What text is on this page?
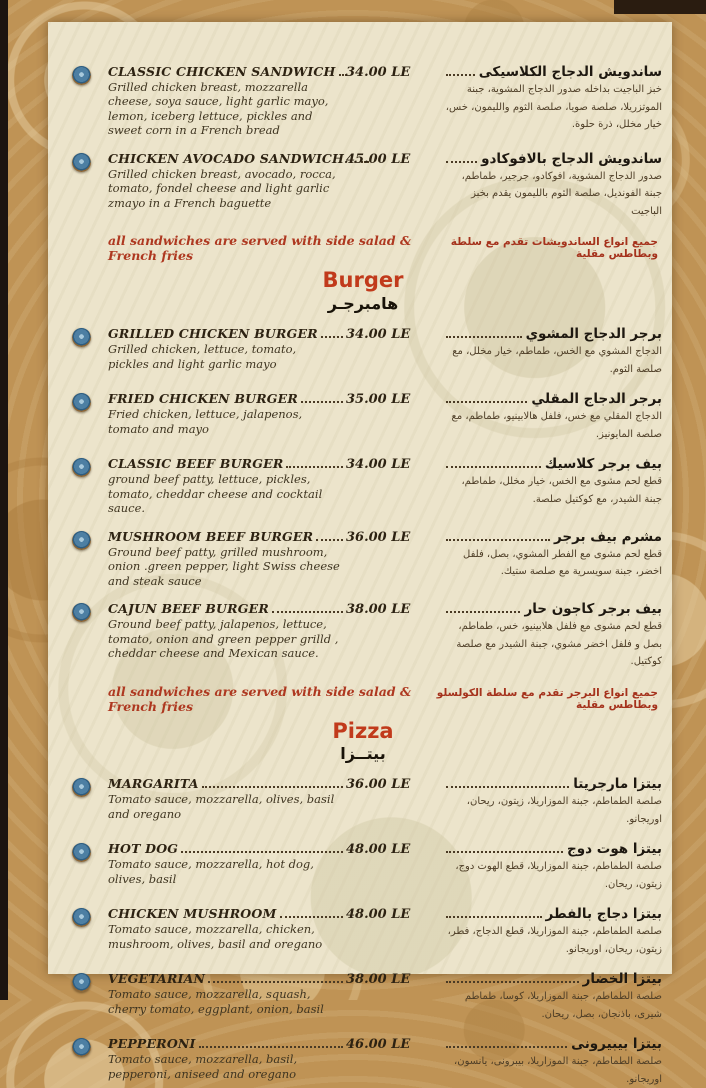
CLASSIC CHICKEN SANDWICH
Grilled chicken breast, mozzarella cheese, soya sauce, light garlic mayo, lemon, iceberg lettuce, pickles and sweet corn in a French bread
34.00 LE	ساندويش الدجاج الكلاسيكى
خبز الباجيت بداخله صدور الدجاج المشوية، جبنة الموتزريلا، صلصة صويا، صلصة الثوم والليمون، خس، خيار مخلل، ذرة حلوة.
CHICKEN AVOCADO SANDWICH...
Grilled chicken breast, avocado, rocca, tomato, fondel cheese and light garlic zmayo in a French baguette
45.00 LE	ساندويش الدجاج بالافوكادو
صدور الدجاج المشوية، افوكادو، جرجير، طماطم، جبنة الفونديل، صلصة الثوم بالليمون يقدم بخبز الباجيت
all sandwiches are served with side salad & French fries
جميع انواع الساندويشات تقدم مع سلطة وبطاطس مقلية
Burger
هامبرجـر
GRILLED CHICKEN BURGER
Grilled chicken, lettuce, tomato, pickles and light garlic mayo
34.00 LE	برجر الدجاج المشوي
الدجاج المشوي مع الخس، طماطم، خيار مخلل، مع صلصة الثوم.
FRIED CHICKEN BURGER
Fried chicken, lettuce, jalapenos, tomato and mayo
35.00 LE	برجر الدجاج المقلي
الدجاج المقلي مع خس، فلفل هالابينيو، طماطم، مع صلصة المايونيز.
CLASSIC BEEF BURGER
ground beef patty, lettuce, pickles, tomato, cheddar cheese and cocktail sauce.
34.00 LE	بيف برجر كلاسيك
قطع لحم مشوى مع الخس، خيار مخلل، طماطم، جبنة الشيدر، مع كوكتيل صلصة.
MUSHROOM BEEF BURGER
Ground beef patty, grilled mushroom, onion .green pepper, light Swiss cheese and steak sauce
36.00 LE	مشرم بيف برجر
قطع لحم مشوى مع الفطر المشوي، بصل، فلفل اخضر، جبنة سويسرية مع صلصة ستيك.
CAJUN BEEF BURGER
Ground beef patty, jalapenos, lettuce, tomato, onion and green pepper grilld , cheddar cheese and Mexican sauce.
38.00 LE	بيف برجر كاجون حار
قطع لحم مشوى مع فلفل هلابينيو، خس، طماطم، بصل و فلفل اخضر مشوي، جبنة الشيدر مع صلصة كوكتيل.
all sandwiches are served with side salad & French fries
جميع انواع البرجر تقدم مع سلطة الكولسلو وبطاطس مقلية
Pizza
بيتــزا
MARGARITA
Tomato sauce, mozzarella, olives, basil and oregano
36.00 LE	بيتزا مارجريتا
صلصة الطماطم، جبنة الموزاريلا، زيتون، ريحان، اوريجانو.
HOT DOG
Tomato sauce, mozzarella, hot dog, olives, basil
48.00 LE	بيتزا هوت دوج
صلصة الطماطم، جبنة الموزاريلا، قطع الهوت دوج، زيتون، ريحان.
CHICKEN MUSHROOM
Tomato sauce, mozzarella, chicken, mushroom, olives, basil and oregano
48.00 LE	بيتزا دجاج بالفطر
صلصة الطماطم، جبنة الموزاريلا، قطع الدجاج، فطر، زيتون، ريحان، اوريجانو.
VEGETARIAN
Tomato sauce, mozzarella, squash, cherry tomato, eggplant, onion, basil
38.00 LE	بيتزا الخضار
صلصة الطماطم، جبنة الموزاريلا، كوسا، طماطم شيرى، باذنجان، بصل، ريحان.
PEPPERONI
Tomato sauce, mozzarella, basil, pepperoni, aniseed and oregano
46.00 LE	بيتزا بيبيرونى
صلصة الطماطم، جبنة الموزاريلا، بيبرونى، يانسون، اوريجانو.
